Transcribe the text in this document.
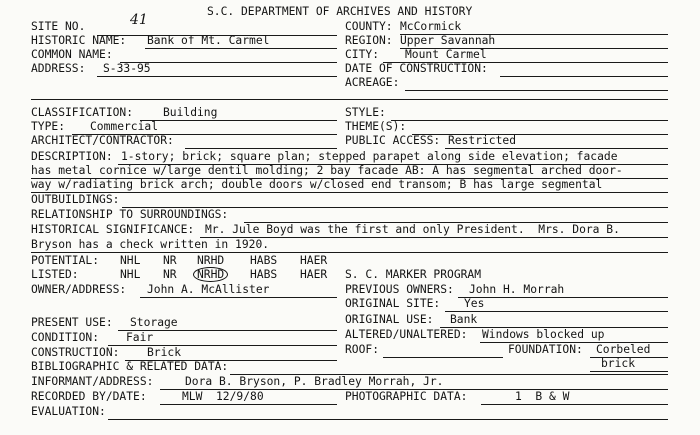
S.C. DEPARTMENT OF ARCHIVES AND HISTORY
SITE NO.	41	COUNTY: McCormick
HISTORIC NAME: Bank of Mt. Carmel	REGION: Upper Savannah
COMMON NAME:	CITY: Mount Carmel
ADDRESS: S-33-95	DATE OF CONSTRUCTION:
ACREAGE:
CLASSIFICATION:	Building	STYLE:
TYPE: Commercial	THEME(S):
ARCHITECT/CONTRACTOR:	PUBLIC ACCESS: Restricted
DESCRIPTION: 1-story; brick; square plan; stepped parapet along side elevation; facade
has metal cornice w/large dentil molding; 2 bay facade AB: A has segmental arched door-
way w/radiating brick arch; double doors w/closed end transom; B has large segmental
OUTBUILDINGS:
RELATIONSHIP TO SURROUNDINGS:
HISTORICAL SIGNIFICANCE: Mr. Jule Boyd was the first and only President.  Mrs. Dora B.
Bryson has a check written in 1920.
POTENTIAL: NHL NR NRHD HABS HAER
LISTED:	NHL NR	NRHD	HABS HAER S. C. MARKER PROGRAM
OWNER/ADDRESS: John A. McAllister	PREVIOUS OWNERS: John H. Morrah
ORIGINAL SITE: Yes
PRESENT USE: Storage	ORIGINAL USE: Bank
CONDITION: Fair	ALTERED/UNALTERED: Windows blocked up
CONSTRUCTION: Brick	ROOF:	FOUNDATION: Corbeled
brick
BIBLIOGRAPHIC & RELATED DATA:
INFORMANT/ADDRESS:	Dora B. Bryson, P. Bradley Morrah, Jr.
RECORDED BY/DATE:	MLW  12/9/80	PHOTOGRAPHIC DATA:	1  B & W
EVALUATION:
